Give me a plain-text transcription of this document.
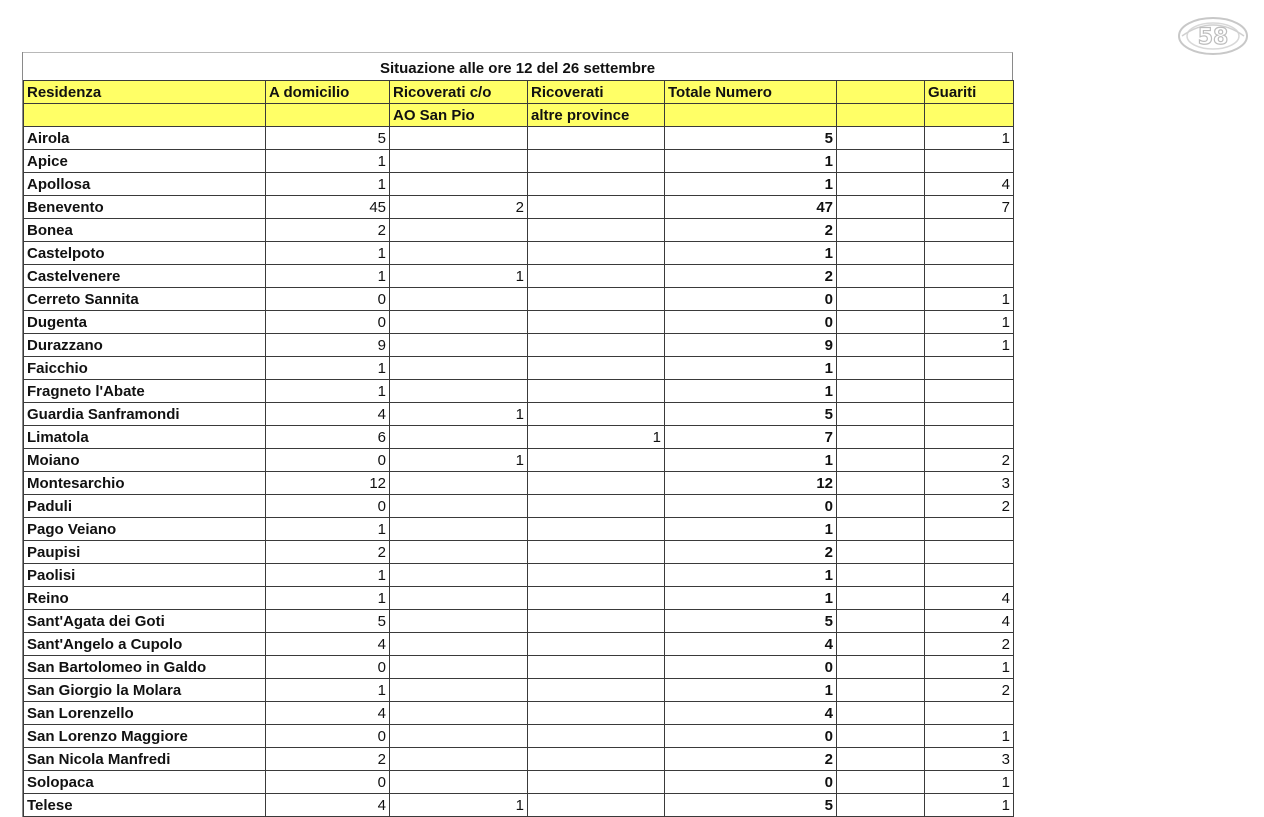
58
Situazione alle ore 12 del 26 settembre
Residenza	A domicilio	Ricoverati c/o	Ricoverati	Totale Numero		Guariti
		AO San Pio	altre province			
Airola	5			5		1
Apice	1			1		
Apollosa	1			1		4
Benevento	45	2		47		7
Bonea	2			2		
Castelpoto	1			1		
Castelvenere	1	1		2		
Cerreto Sannita	0			0		1
Dugenta	0			0		1
Durazzano	9			9		1
Faicchio	1			1		
Fragneto l'Abate	1			1		
Guardia Sanframondi	4	1		5		
Limatola	6		1	7		
Moiano	0	1		1		2
Montesarchio	12			12		3
Paduli	0			0		2
Pago Veiano	1			1		
Paupisi	2			2		
Paolisi	1			1		
Reino	1			1		4
Sant'Agata dei Goti	5			5		4
Sant'Angelo a Cupolo	4			4		2
San Bartolomeo in Galdo	0			0		1
San Giorgio la Molara	1			1		2
San Lorenzello	4			4		
San Lorenzo Maggiore	0			0		1
San Nicola Manfredi	2			2		3
Solopaca	0			0		1
Telese	4	1		5		1
